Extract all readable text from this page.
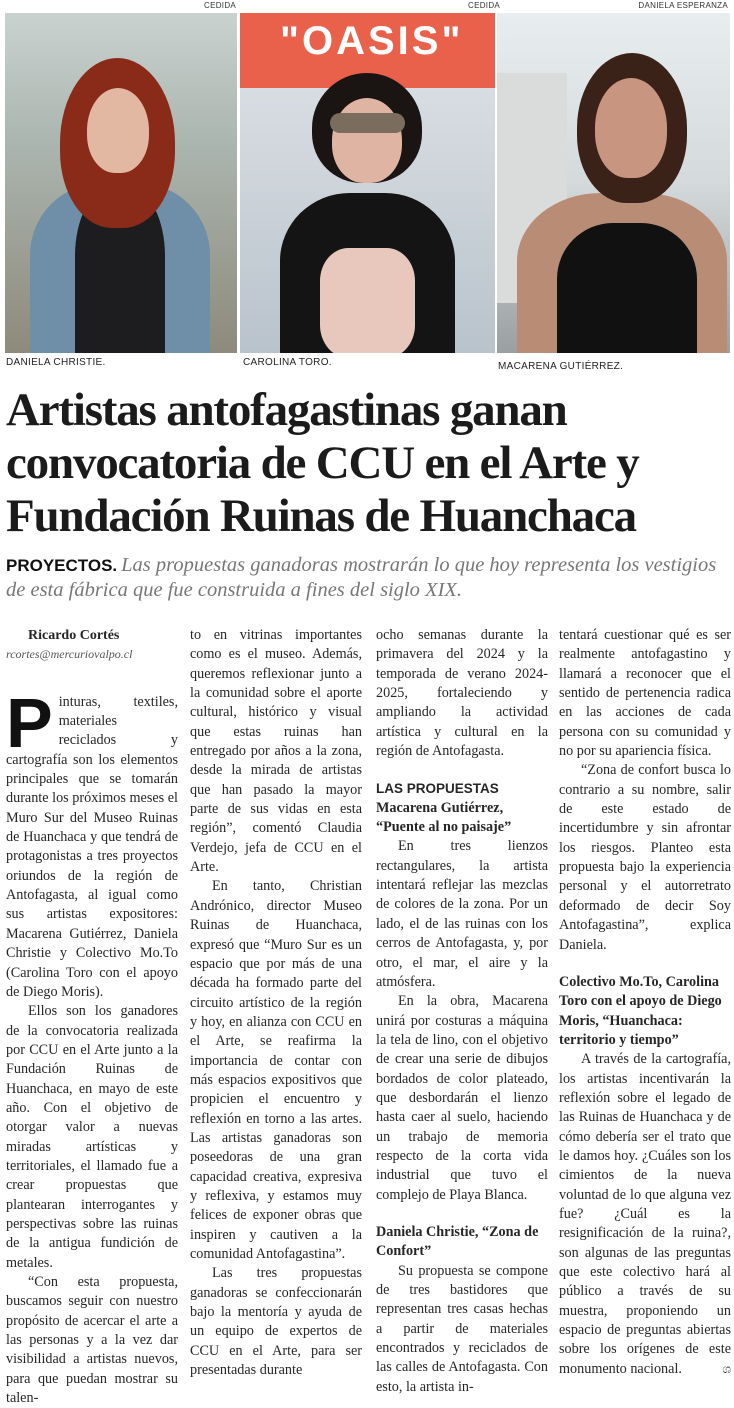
CEDIDA	CEDIDA	DANIELA ESPERANZA
"OASIS"
DANIELA CHRISTIE.	CAROLINA TORO.	MACARENA GUTIÉRREZ.
Artistas antofagastinas ganan
convocatoria de CCU en el Arte y
Fundación Ruinas de Huanchaca
PROYECTOS. Las propuestas ganadoras mostrarán lo que hoy representa los vestigios de esta fábrica que fue construida a fines del siglo XIX.

Ricardo Cortés

rcortes@mercuriovalpo.cl

Pinturas, textiles, materiales reciclados y cartografía son los elementos principales que se tomarán durante los próximos meses el Muro Sur del Museo Ruinas de Huanchaca y que tendrá de protagonistas a tres proyectos oriundos de la región de Antofagasta, al igual como sus artistas expositores: Macarena Gutiérrez, Daniela Christie y Colectivo Mo.To (Carolina Toro con el apoyo de Diego Moris).

Ellos son los ganadores de la convocatoria realizada por CCU en el Arte junto a la Fundación Ruinas de Huanchaca, en mayo de este año. Con el objetivo de otorgar valor a nuevas miradas artísticas y territoriales, el llamado fue a crear propuestas que plantearan interrogantes y perspectivas sobre las ruinas de la antigua fundición de metales.

“Con esta propuesta, buscamos seguir con nuestro propósito de acercar el arte a las personas y a la vez dar visibilidad a artistas nuevos, para que puedan mostrar su talen-

to en vitrinas importantes como es el museo. Además, queremos reflexionar junto a la comunidad sobre el aporte cultural, histórico y visual que estas ruinas han entregado por años a la zona, desde la mirada de artistas que han pasado la mayor parte de sus vidas en esta región”, comentó Claudia Verdejo, jefa de CCU en el Arte.

En tanto, Christian Andrónico, director Museo Ruinas de Huanchaca, expresó que “Muro Sur es un espacio que por más de una década ha formado parte del circuito artístico de la región y hoy, en alianza con CCU en el Arte, se reafirma la importancia de contar con más espacios expositivos que propicien el encuentro y reflexión en torno a las artes. Las artistas ganadoras son poseedoras de una gran capacidad creativa, expresiva y reflexiva, y estamos muy felices de exponer obras que inspiren y cautiven a la comunidad Antofagastina”.

Las tres propuestas ganadoras se confeccionarán bajo la mentoría y ayuda de un equipo de expertos de CCU en el Arte, para ser presentadas durante

ocho semanas durante la primavera del 2024 y la temporada de verano 2024-2025, fortaleciendo y ampliando la actividad artística y cultural en la región de Antofagasta.

LAS PROPUESTAS

Macarena Gutiérrez, “Puente al no paisaje”

En tres lienzos rectangulares, la artista intentará reflejar las mezclas de colores de la zona. Por un lado, el de las ruinas con los cerros de Antofagasta, y, por otro, el mar, el aire y la atmósfera.

En la obra, Macarena unirá por costuras a máquina la tela de lino, con el objetivo de crear una serie de dibujos bordados de color plateado, que desbordarán el lienzo hasta caer al suelo, haciendo un trabajo de memoria respecto de la corta vida industrial que tuvo el complejo de Playa Blanca.

Daniela Christie, “Zona de Confort”

Su propuesta se compone de tres bastidores que representan tres casas hechas a partir de materiales encontrados y reciclados de las calles de Antofagasta. Con esto, la artista in-

tentará cuestionar qué es ser realmente antofagastino y llamará a reconocer que el sentido de pertenencia radica en las acciones de cada persona con su comunidad y no por su apariencia física.

“Zona de confort busca lo contrario a su nombre, salir de este estado de incertidumbre y sin afrontar los riesgos. Planteo esta propuesta bajo la experiencia personal y el autorretrato deformado de decir Soy Antofagastina”, explica Daniela.

Colectivo Mo.To, Carolina Toro con el apoyo de Diego Moris, “Huanchaca: territorio y tiempo”

A través de la cartografía, los artistas incentivarán la reflexión sobre el legado de las Ruinas de Huanchaca y de cómo debería ser el trato que le damos hoy. ¿Cuáles son los cimientos de la nueva voluntad de lo que alguna vez fue? ¿Cuál es la resignificación de la ruina?, son algunas de las preguntas que este colectivo hará al público a través de su muestra, proponiendo un espacio de preguntas abiertas sobre los orígenes de este monumento nacional.	ශ
